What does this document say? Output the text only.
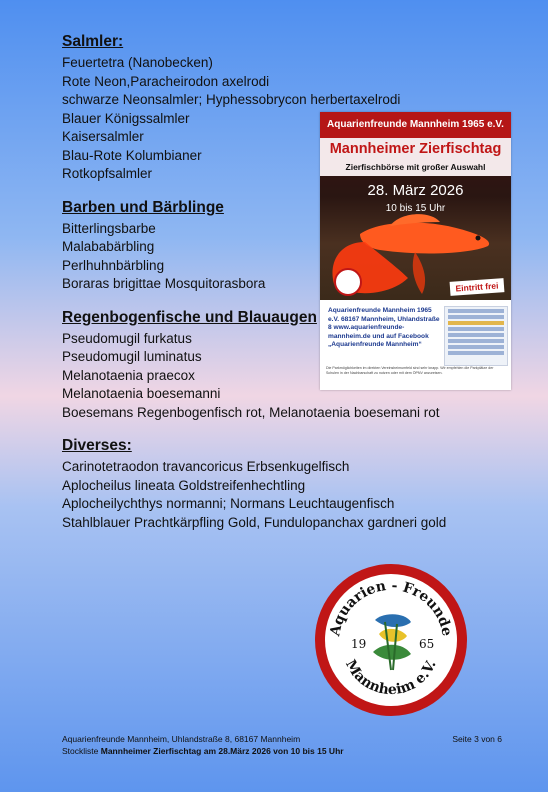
Salmler:
Feuertetra (Nanobecken)
Rote Neon,Paracheirodon axelrodi
schwarze Neonsalmler; Hyphessobrycon herbertaxelrodi
Blauer Königssalmler
Kaisersalmler
Blau-Rote Kolumbianer
Rotkopfsalmler
Barben und Bärblinge
Bitterlingsbarbe
Malababärbling
Perlhuhnbärbling
Boraras brigittae Mosquitorasbora
Regenbogenfische und Blauaugen
Pseudomugil furkatus
Pseudomugil luminatus
Melanotaenia praecox
Melanotaenia boesemanni
Boesemans Regenbogenfisch rot, Melanotaenia boesemani rot
Diverses:
Carinotetraodon travancoricus Erbsenkugelfisch
Aplocheilus lineata Goldstreifenhechtling
Aplocheilychthys normanni; Normans Leuchtaugenfisch
Stahlblauer Prachtkärpfling Gold, Fundulopanchax gardneri gold
Aquarienfreunde Mannheim 1965 e.V.
Mannheimer Zierfischtag
Zierfischbörse mit großer Auswahl
28. März 2026
10 bis 15 Uhr
Eintritt frei
Aquarienfreunde Mannheim 1965 e.V. 68167 Mannheim, Uhlandstraße 8 www.aquarienfreunde-mannheim.de und auf Facebook „Aquarienfreunde Mannheim“
Die Parkmöglichkeiten im direkten Vereinsheimumfeld sind sehr knapp. Wir empfehlen die Parkplätze der Schulen in der Nachbarschaft zu nutzen oder mit dem ÖPNV anzureisen.
Aquarien - Freunde
Mannheim e.V.
19	65
Aquarienfreunde Mannheim, Uhlandstraße 8, 68167 Mannheim	Seite 3 von 6
Stockliste Mannheimer Zierfischtag am 28.März 2026 von 10 bis 15 Uhr
